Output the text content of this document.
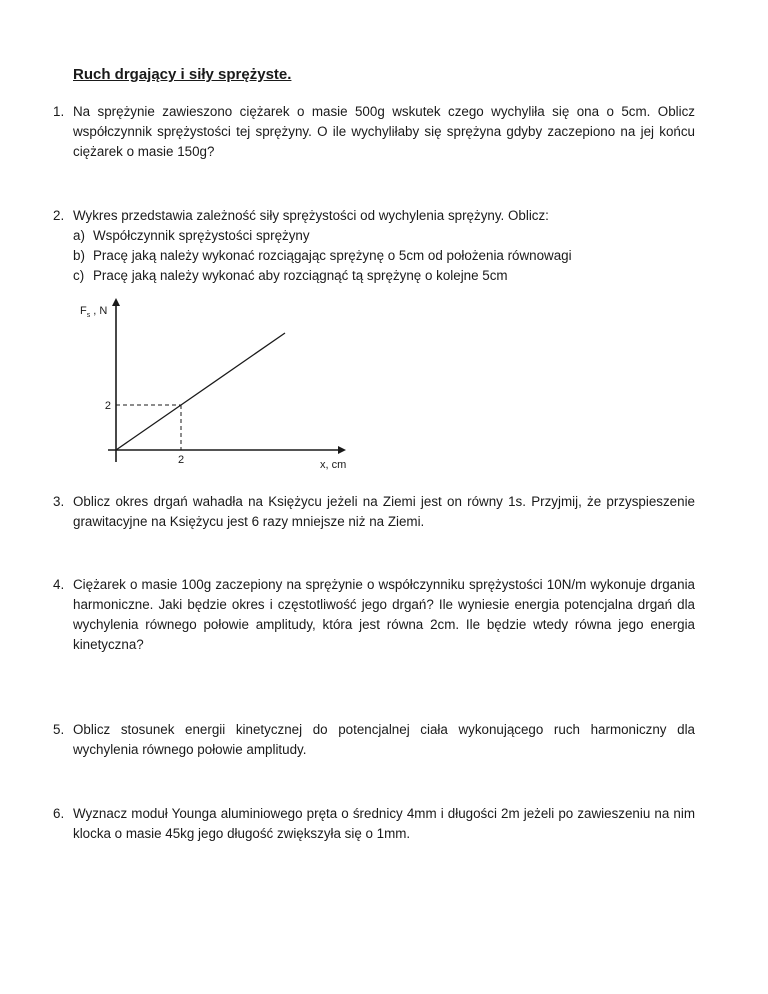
Ruch drgający i siły sprężyste.
1. Na sprężynie zawieszono ciężarek o masie 500g wskutek czego wychyliła się ona o 5cm. Oblicz współczynnik sprężystości tej sprężyny. O ile wychyliłaby się sprężyna gdyby zaczepiono na jej końcu ciężarek o masie 150g?
2. Wykres przedstawia zależność siły sprężystości od wychylenia sprężyny. Oblicz:
a) Współczynnik sprężystości sprężyny
b) Pracę jaką należy wykonać rozciągając sprężynę o 5cm od położenia równowagi
c) Pracę jaką należy wykonać aby rozciągnąć tą sprężynę o kolejne 5cm
$F_s$ , N
2
2	x, cm
3. Oblicz okres drgań wahadła na Księżycu jeżeli na Ziemi jest on równy 1s. Przyjmij, że przyspieszenie grawitacyjne na Księżycu jest 6 razy mniejsze niż na Ziemi.
4. Ciężarek o masie 100g zaczepiony na sprężynie o współczynniku sprężystości 10N/m wykonuje drgania harmoniczne. Jaki będzie okres i częstotliwość jego drgań? Ile wyniesie energia potencjalna drgań dla wychylenia równego połowie amplitudy, która jest równa 2cm. Ile będzie wtedy równa jego energia kinetyczna?
5. Oblicz stosunek energii kinetycznej do potencjalnej ciała wykonującego ruch harmoniczny dla wychylenia równego połowie amplitudy.
6. Wyznacz moduł Younga aluminiowego pręta o średnicy 4mm i długości 2m jeżeli po zawieszeniu na nim klocka o masie 45kg jego długość zwiększyła się o 1mm.
